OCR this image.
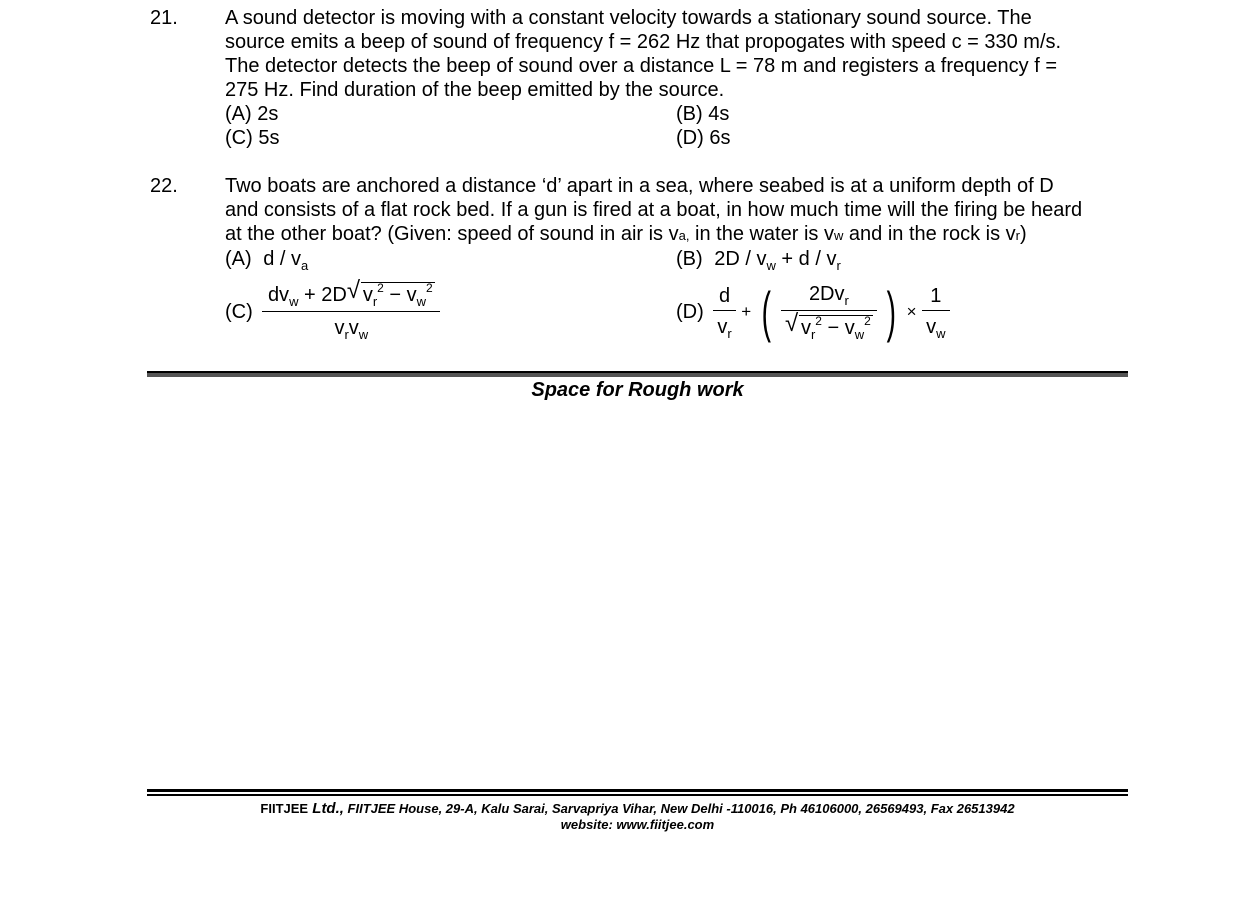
21. A sound detector is moving with a constant velocity towards a stationary sound source. The
source emits a beep of sound of frequency f = 262 Hz that propogates with speed c = 330 m/s.
The detector detects the beep of sound over a distance L = 78 m and registers a frequency f =
275 Hz. Find duration of the beep emitted by the source.
(A) 2s	(B) 4s
(C) 5s	(D) 6s
22. Two boats are anchored a distance ‘d’ apart in a sea, where seabed is at a uniform depth of D
and consists of a flat rock bed. If a gun is fired at a boat, in how much time will the firing be heard
at the other boat? (Given: speed of sound in air is va, in the water is vw and in the rock is vr)
(A) d / $v_a$	(B) $2D / v_w + d / v_r$
$(C) \frac{dv_w + 2D √ v_r^2 - v_w^2}{v_rv_w}$	$(D) \frac{d}{v_r}$ + ( $\frac{2Dv_r}{√ v_r^2 - v_w^2}$ ) × $\frac{1}{v_w}$
Space for Rough work
FIITJEE Ltd., FIITJEE House, 29-A, Kalu Sarai, Sarvapriya Vihar, New Delhi -110016, Ph 46106000, 26569493, Fax 26513942
website: www.fiitjee.com
